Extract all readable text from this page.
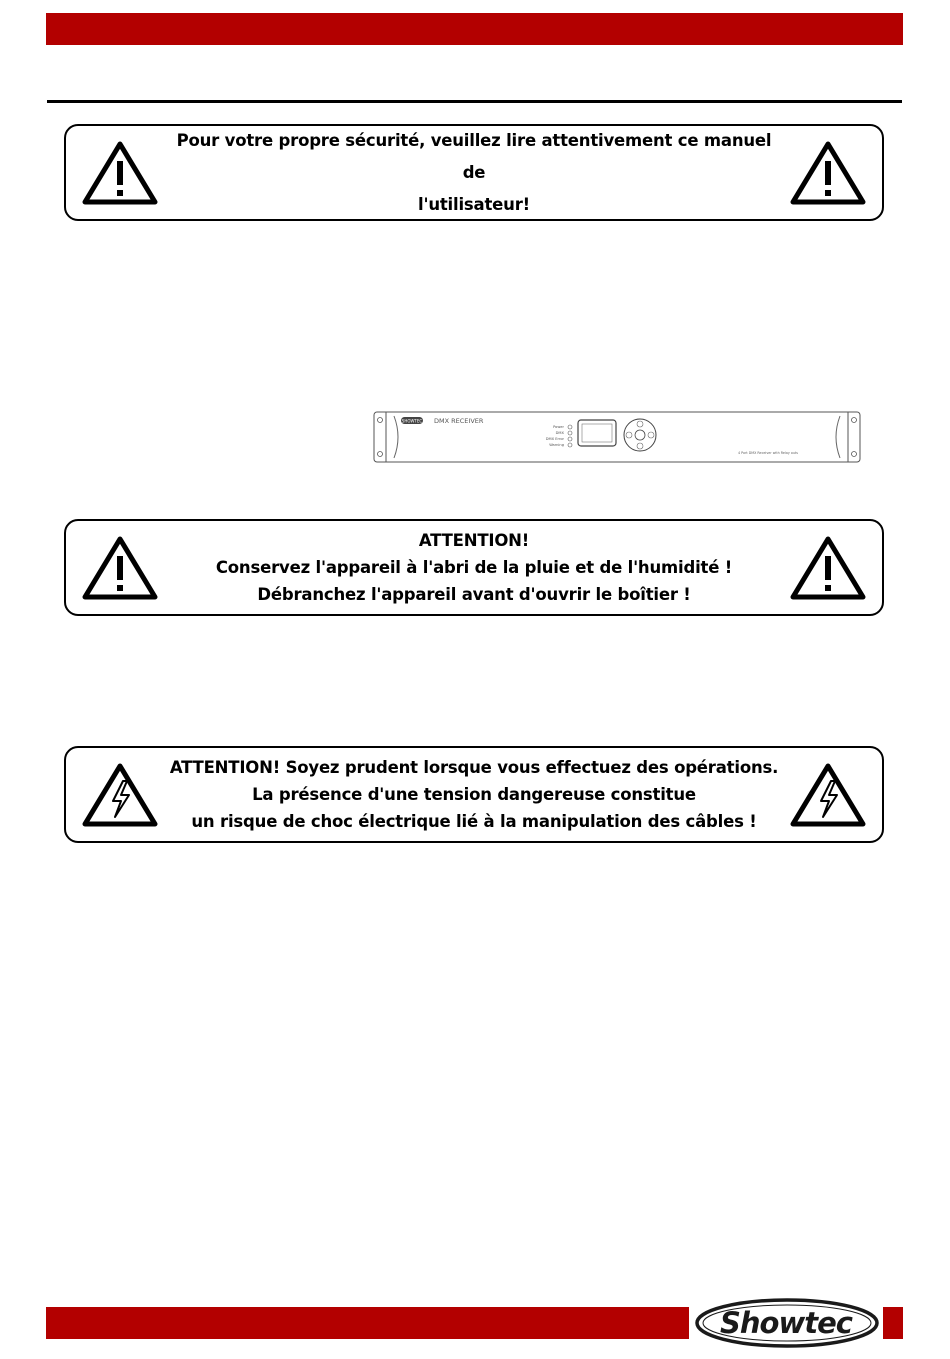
Pour votre propre sécurité, veuillez lire attentivement ce manuel de
l'utilisateur!
SHOWTEC DMX RECEIVER
Power
DMX
DMX Error
Warning
4 Port DMX Receiver with Relay outs
ATTENTION!
Conservez l'appareil à l'abri de la pluie et de l'humidité !
Débranchez l'appareil avant d'ouvrir le boîtier !
ATTENTION! Soyez prudent lorsque vous effectuez des opérations.
La présence d'une tension dangereuse constitue
un risque de choc électrique lié à la manipulation des câbles !
Showtec
